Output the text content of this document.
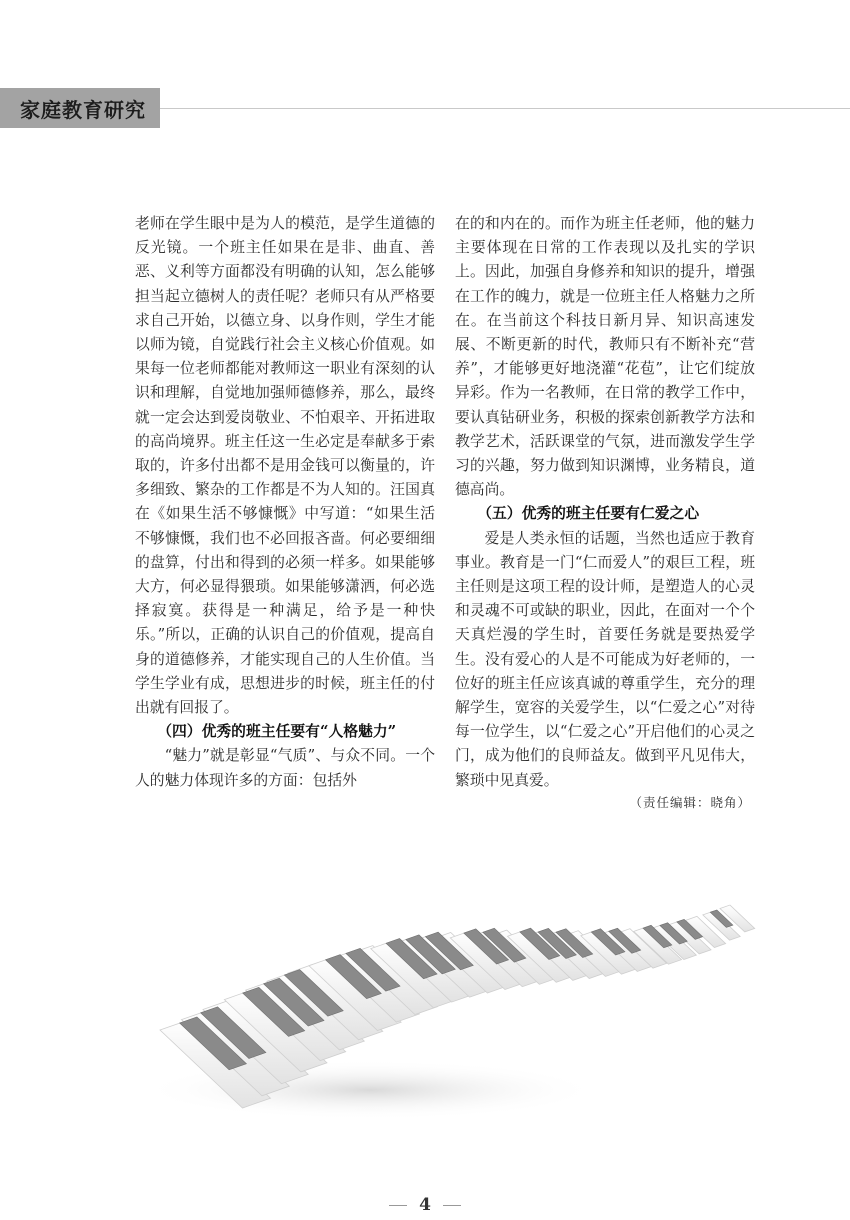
家庭教育研究

老师在学生眼中是为人的模范，是学生道德的反光镜。一个班主任如果在是非、曲直、善恶、义利等方面都没有明确的认知，怎么能够担当起立德树人的责任呢？老师只有从严格要求自己开始，以德立身、以身作则，学生才能以师为镜，自觉践行社会主义核心价值观。如果每一位老师都能对教师这一职业有深刻的认识和理解，自觉地加强师德修养，那么，最终就一定会达到爱岗敬业、不怕艰辛、开拓进取的高尚境界。班主任这一生必定是奉献多于索取的，许多付出都不是用金钱可以衡量的，许多细致、繁杂的工作都是不为人知的。汪国真在《如果生活不够慷慨》中写道：“如果生活不够慷慨，我们也不必回报吝啬。何必要细细的盘算，付出和得到的必须一样多。如果能够大方，何必显得猥琐。如果能够潇洒，何必选择寂寞。获得是一种满足，给予是一种快乐。”所以，正确的认识自己的价值观，提高自身的道德修养，才能实现自己的人生价值。当学生学业有成，思想进步的时候，班主任的付出就有回报了。

（四）优秀的班主任要有“人格魅力”

“魅力”就是彰显“气质”、与众不同。一个人的魅力体现许多的方面：包括外

在的和内在的。而作为班主任老师，他的魅力主要体现在日常的工作表现以及扎实的学识上。因此，加强自身修养和知识的提升，增强在工作的魄力，就是一位班主任人格魅力之所在。在当前这个科技日新月异、知识高速发展、不断更新的时代，教师只有不断补充“营养”，才能够更好地浇灌“花苞”，让它们绽放异彩。作为一名教师，在日常的教学工作中，要认真钻研业务，积极的探索创新教学方法和教学艺术，活跃课堂的气氛，进而激发学生学习的兴趣，努力做到知识渊博，业务精良，道德高尚。

（五）优秀的班主任要有仁爱之心

爱是人类永恒的话题，当然也适应于教育事业。教育是一门“仁而爱人”的艰巨工程，班主任则是这项工程的设计师，是塑造人的心灵和灵魂不可或缺的职业，因此，在面对一个个天真烂漫的学生时，首要任务就是要热爱学生。没有爱心的人是不可能成为好老师的，一位好的班主任应该真诚的尊重学生，充分的理解学生，宽容的关爱学生，以“仁爱之心”对待每一位学生，以“仁爱之心”开启他们的心灵之门，成为他们的良师益友。做到平凡见伟大，繁琐中见真爱。

（责任编辑：晓角）

4
